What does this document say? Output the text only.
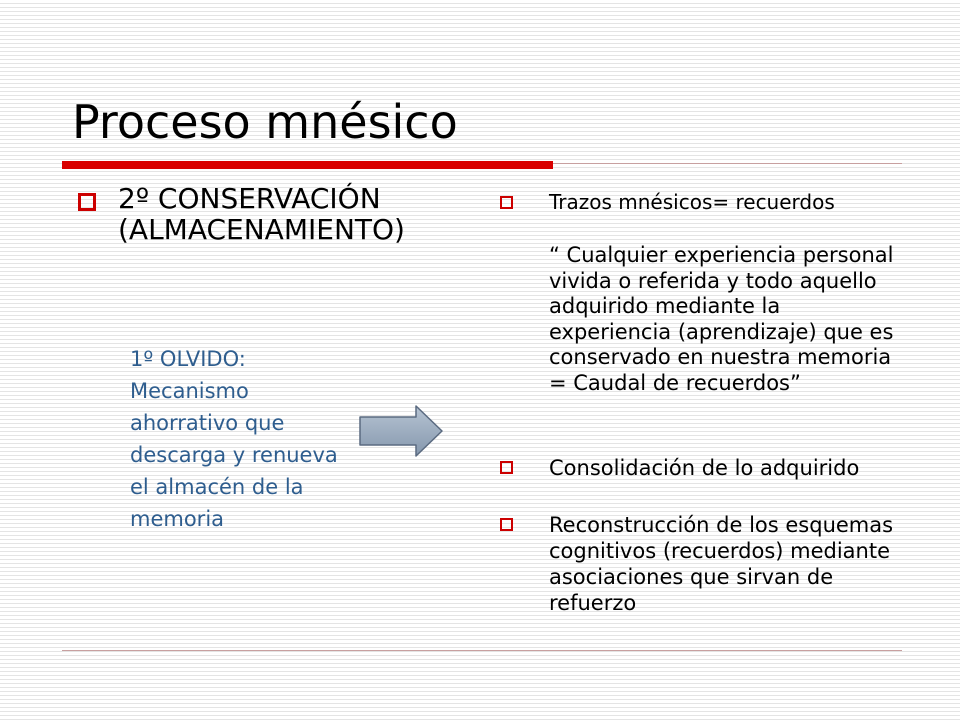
Proceso mnésico

2º CONSERVACIÓN (ALMACENAMIENTO)

1º OLVIDO: Mecanismo ahorrativo que descarga y renueva el almacén de la memoria

Trazos mnésicos= recuerdos

“ Cualquier experiencia personal vivida o referida y todo aquello adquirido mediante la experiencia (aprendizaje) que es conservado en nuestra memoria = Caudal de recuerdos”

Consolidación de lo adquirido

Reconstrucción de los esquemas cognitivos (recuerdos) mediante asociaciones que sirvan de refuerzo
